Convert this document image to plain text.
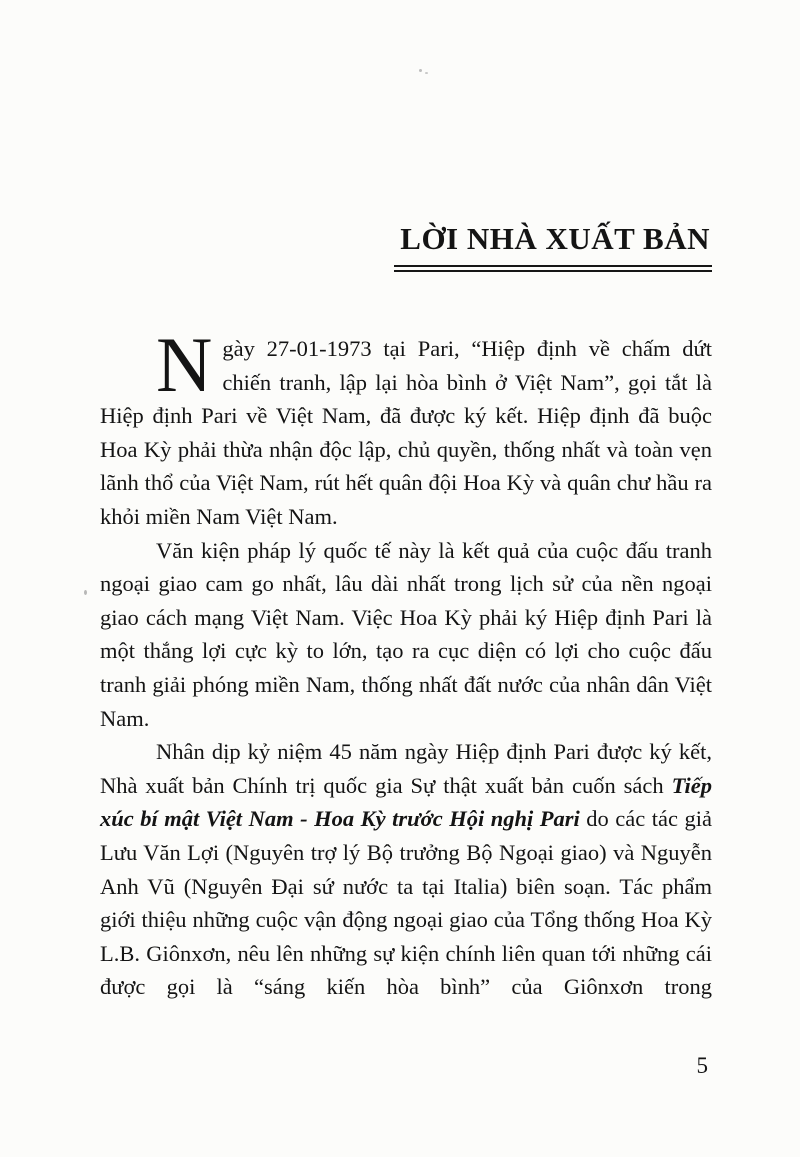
LỜI NHÀ XUẤT BẢN

Ngày 27-01-1973 tại Pari, “Hiệp định về chấm dứt chiến tranh, lập lại hòa bình ở Việt Nam”, gọi tắt là Hiệp định Pari về Việt Nam, đã được ký kết. Hiệp định đã buộc Hoa Kỳ phải thừa nhận độc lập, chủ quyền, thống nhất và toàn vẹn lãnh thổ của Việt Nam, rút hết quân đội Hoa Kỳ và quân chư hầu ra khỏi miền Nam Việt Nam.

Văn kiện pháp lý quốc tế này là kết quả của cuộc đấu tranh ngoại giao cam go nhất, lâu dài nhất trong lịch sử của nền ngoại giao cách mạng Việt Nam. Việc Hoa Kỳ phải ký Hiệp định Pari là một thắng lợi cực kỳ to lớn, tạo ra cục diện có lợi cho cuộc đấu tranh giải phóng miền Nam, thống nhất đất nước của nhân dân Việt Nam.

Nhân dịp kỷ niệm 45 năm ngày Hiệp định Pari được ký kết, Nhà xuất bản Chính trị quốc gia Sự thật xuất bản cuốn sách Tiếp xúc bí mật Việt Nam - Hoa Kỳ trước Hội nghị Pari do các tác giả Lưu Văn Lợi (Nguyên trợ lý Bộ trưởng Bộ Ngoại giao) và Nguyễn Anh Vũ (Nguyên Đại sứ nước ta tại Italia) biên soạn. Tác phẩm giới thiệu những cuộc vận động ngoại giao của Tổng thống Hoa Kỳ L.B. Giônxơn, nêu lên những sự kiện chính liên quan tới những cái được gọi là “sáng kiến hòa bình” của Giônxơn trong

5
